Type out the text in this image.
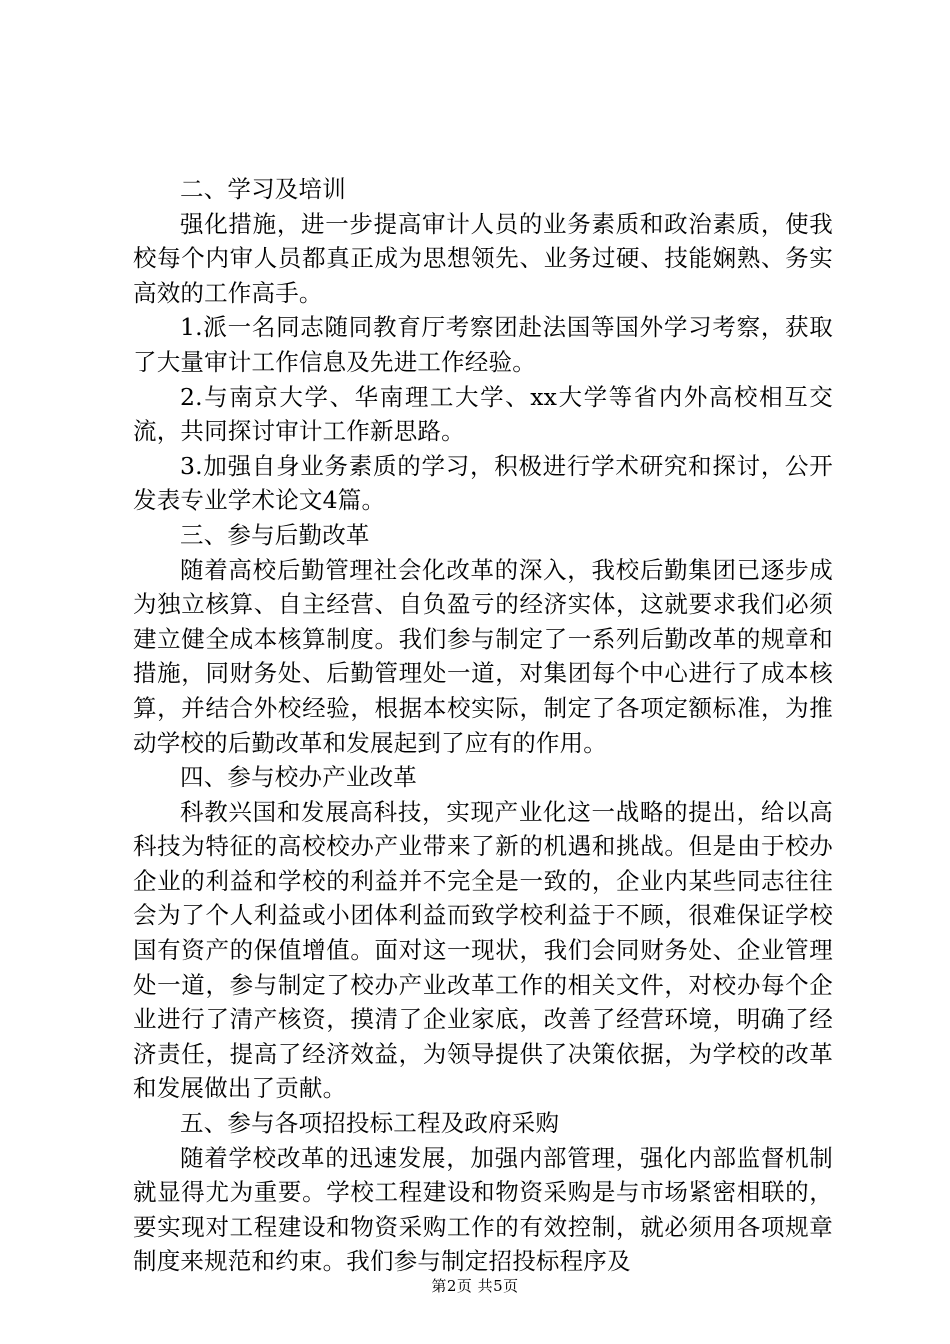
二、学习及培训

强化措施，进一步提高审计人员的业务素质和政治素质，使我校每个内审人员都真正成为思想领先、业务过硬、技能娴熟、务实高效的工作高手。

1.派一名同志随同教育厅考察团赴法国等国外学习考察，获取了大量审计工作信息及先进工作经验。

2.与南京大学、华南理工大学、xx大学等省内外高校相互交流，共同探讨审计工作新思路。

3.加强自身业务素质的学习，积极进行学术研究和探讨，公开发表专业学术论文4篇。

三、参与后勤改革

随着高校后勤管理社会化改革的深入，我校后勤集团已逐步成为独立核算、自主经营、自负盈亏的经济实体，这就要求我们必须建立健全成本核算制度。我们参与制定了一系列后勤改革的规章和措施，同财务处、后勤管理处一道，对集团每个中心进行了成本核算，并结合外校经验，根据本校实际，制定了各项定额标准，为推动学校的后勤改革和发展起到了应有的作用。

四、参与校办产业改革

科教兴国和发展高科技，实现产业化这一战略的提出，给以高科技为特征的高校校办产业带来了新的机遇和挑战。但是由于校办企业的利益和学校的利益并不完全是一致的，企业内某些同志往往会为了个人利益或小团体利益而致学校利益于不顾，很难保证学校国有资产的保值增值。面对这一现状，我们会同财务处、企业管理处一道，参与制定了校办产业改革工作的相关文件，对校办每个企业进行了清产核资，摸清了企业家底，改善了经营环境，明确了经济责任，提高了经济效益，为领导提供了决策依据，为学校的改革和发展做出了贡献。

五、参与各项招投标工程及政府采购

随着学校改革的迅速发展，加强内部管理，强化内部监督机制就显得尤为重要。学校工程建设和物资采购是与市场紧密相联的，要实现对工程建设和物资采购工作的有效控制，就必须用各项规章制度来规范和约束。我们参与制定招投标程序及

第2页 共5页
